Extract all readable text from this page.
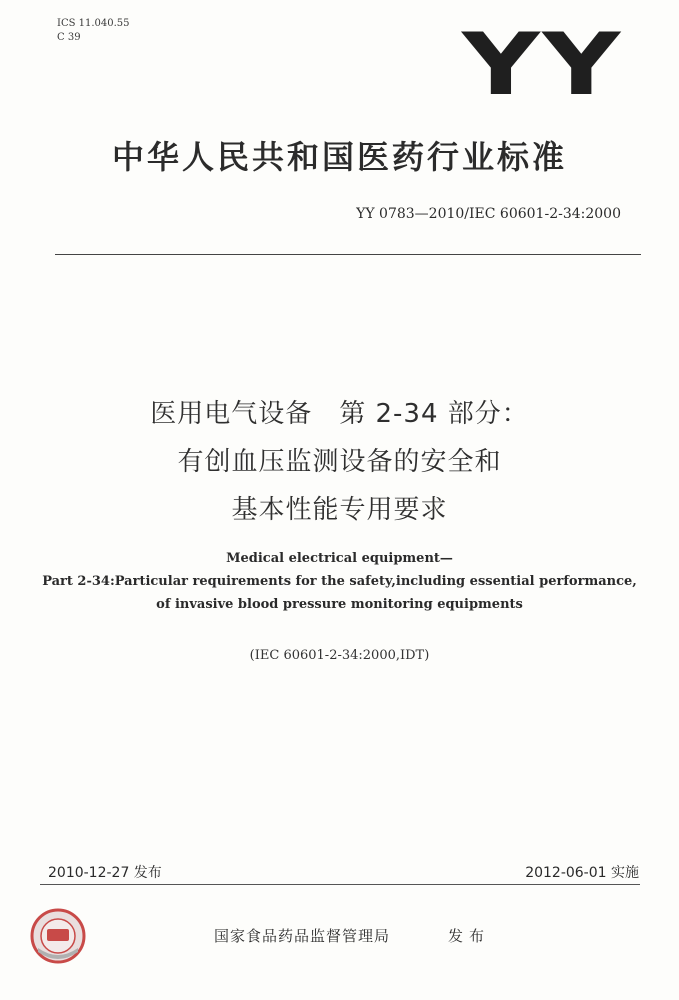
ICS 11.040.55
C 39	YY
中华人民共和国医药行业标准
YY 0783—2010/IEC 60601-2-34:2000
医用电气设备　第 2-34 部分：
有创血压监测设备的安全和
基本性能专用要求
Medical electrical equipment—
Part 2-34:Particular requirements for the safety,including essential performance,
of invasive blood pressure monitoring equipments
(IEC 60601-2-34:2000,IDT)
2010-12-27 发布	2012-06-01 实施
国家食品药品监督管理局	发布
